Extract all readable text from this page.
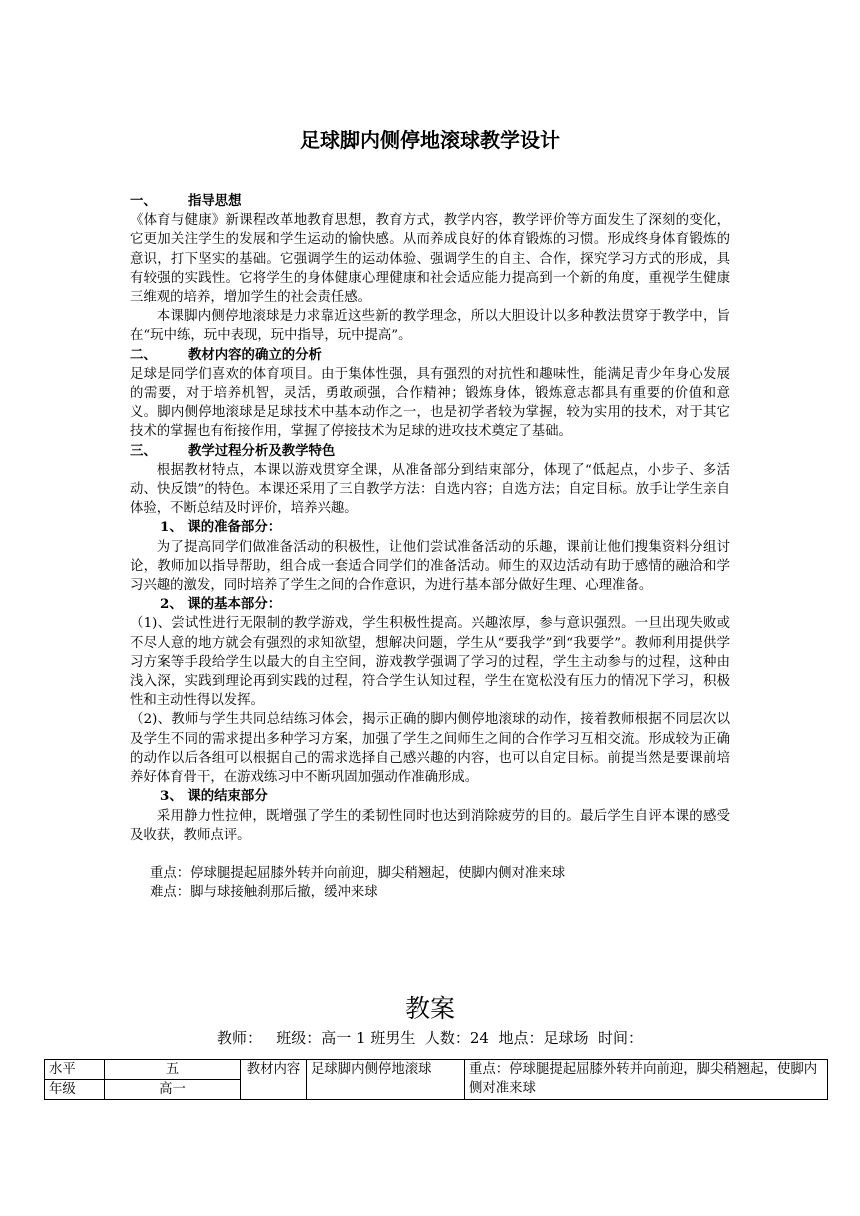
足球脚内侧停地滚球教学设计

一、 指导思想

《体育与健康》新课程改革地教育思想，教育方式，教学内容，教学评价等方面发生了深刻的变化，它更加关注学生的发展和学生运动的愉快感。从而养成良好的体育锻炼的习惯。形成终身体育锻炼的意识，打下坚实的基础。它强调学生的运动体验、强调学生的自主、合作，探究学习方式的形成，具有较强的实践性。它将学生的身体健康心理健康和社会适应能力提高到一个新的角度，重视学生健康三维观的培养，增加学生的社会责任感。

本课脚内侧停地滚球是力求靠近这些新的教学理念，所以大胆设计以多种教法贯穿于教学中，旨在“玩中练，玩中表现，玩中指导，玩中提高”。

二、 教材内容的确立的分析

足球是同学们喜欢的体育项目。由于集体性强，具有强烈的对抗性和趣味性，能满足青少年身心发展的需要，对于培养机智，灵活，勇敢顽强，合作精神；锻炼身体，锻炼意志都具有重要的价值和意义。脚内侧停地滚球是足球技术中基本动作之一，也是初学者较为掌握，较为实用的技术，对于其它技术的掌握也有衔接作用，掌握了停接技术为足球的进攻技术奠定了基础。

三、 教学过程分析及教学特色

根据教材特点，本课以游戏贯穿全课，从准备部分到结束部分，体现了“低起点，小步子、多活动、快反馈”的特色。本课还采用了三自教学方法：自选内容；自选方法；自定目标。放手让学生亲自体验，不断总结及时评价，培养兴趣。

1、 课的准备部分：

为了提高同学们做准备活动的积极性，让他们尝试准备活动的乐趣，课前让他们搜集资料分组讨论，教师加以指导帮助，组合成一套适合同学们的准备活动。师生的双边活动有助于感情的融洽和学习兴趣的激发，同时培养了学生之间的合作意识，为进行基本部分做好生理、心理准备。

2、 课的基本部分：

（1)、尝试性进行无限制的教学游戏，学生积极性提高。兴趣浓厚，参与意识强烈。一旦出现失败或不尽人意的地方就会有强烈的求知欲望，想解决问题，学生从“要我学”到“我要学”。教师利用提供学习方案等手段给学生以最大的自主空间，游戏教学强调了学习的过程，学生主动参与的过程，这种由浅入深，实践到理论再到实践的过程，符合学生认知过程，学生在宽松没有压力的情况下学习，积极性和主动性得以发挥。

（2)、教师与学生共同总结练习体会，揭示正确的脚内侧停地滚球的动作，接着教师根据不同层次以及学生不同的需求提出多种学习方案，加强了学生之间师生之间的合作学习互相交流。形成较为正确的动作以后各组可以根据自己的需求选择自己感兴趣的内容，也可以自定目标。前提当然是要课前培养好体育骨干，在游戏练习中不断巩固加强动作准确形成。

3、 课的结束部分

采用静力性拉伸，既增强了学生的柔韧性同时也达到消除疲劳的目的。最后学生自评本课的感受及收获，教师点评。

重点：停球腿提起屈膝外转并向前迎，脚尖稍翘起，使脚内侧对准来球

难点：脚与球接触刹那后撤，缓冲来球

教案
教师：   班级：高一 1 班男生  人数：24  地点：足球场  时间：
水平	五	教材内容	足球脚内侧停地滚球	重点：停球腿提起屈膝外转并向前迎，脚尖稍翘起，使脚内侧对准来球
年级	高一			
